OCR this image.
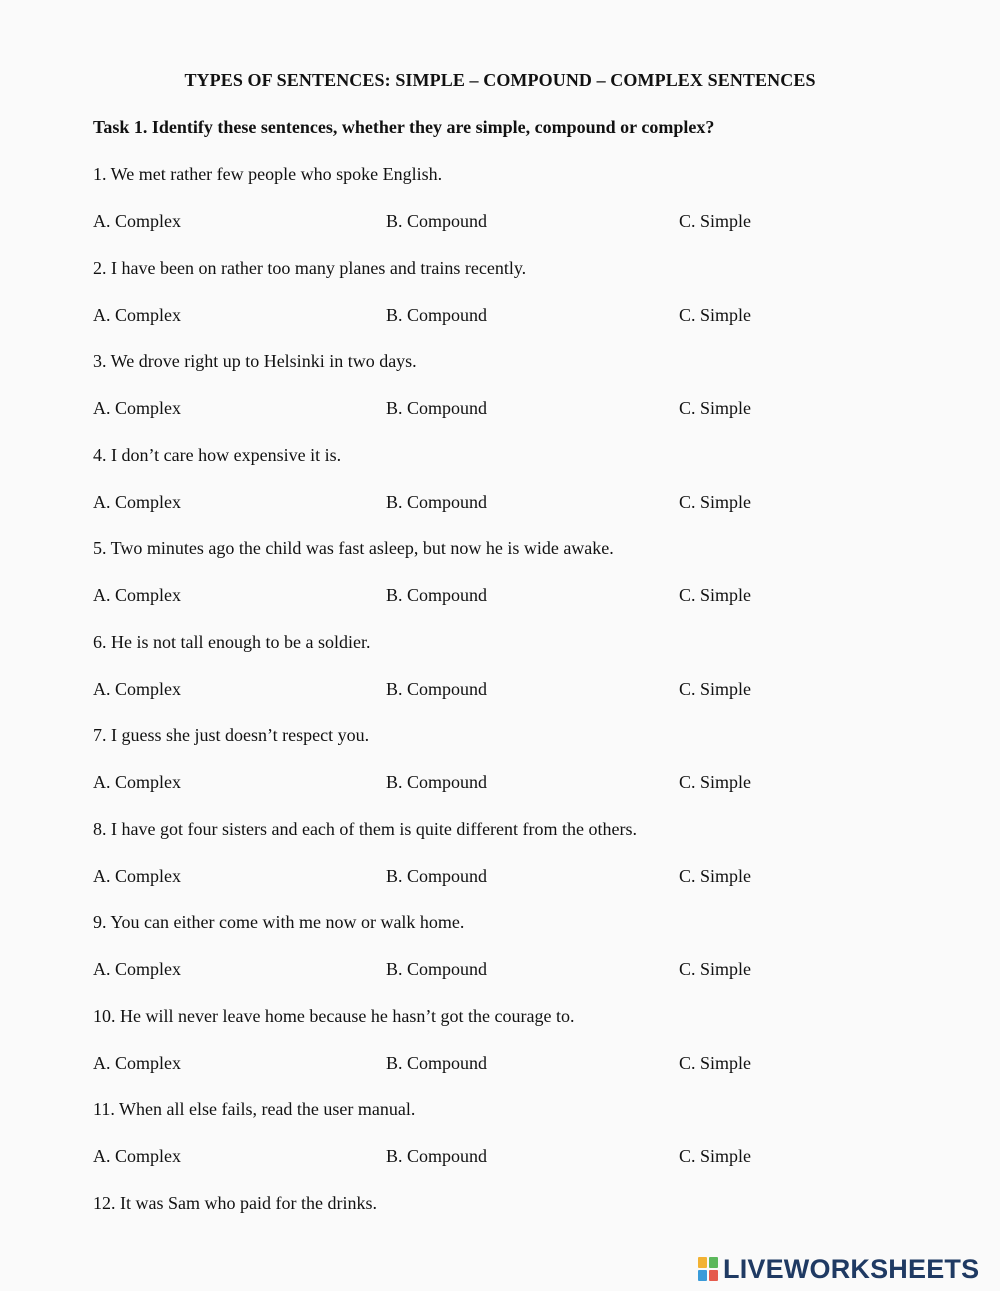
TYPES OF SENTENCES: SIMPLE – COMPOUND – COMPLEX SENTENCES
Task 1. Identify these sentences, whether they are simple, compound or complex?
1. We met rather few people who spoke English.
A. Complex	B. Compound	C. Simple
2. I have been on rather too many planes and trains recently.
A. Complex	B. Compound	C. Simple
3. We drove right up to Helsinki in two days.
A. Complex	B. Compound	C. Simple
4. I don’t care how expensive it is.
A. Complex	B. Compound	C. Simple
5. Two minutes ago the child was fast asleep, but now he is wide awake.
A. Complex	B. Compound	C. Simple
6. He is not tall enough to be a soldier.
A. Complex	B. Compound	C. Simple
7. I guess she just doesn’t respect you.
A. Complex	B. Compound	C. Simple
8. I have got four sisters and each of them is quite different from the others.
A. Complex	B. Compound	C. Simple
9. You can either come with me now or walk home.
A. Complex	B. Compound	C. Simple
10. He will never leave home because he hasn’t got the courage to.
A. Complex	B. Compound	C. Simple
11. When all else fails, read the user manual.
A. Complex	B. Compound	C. Simple
12. It was Sam who paid for the drinks.
LIVEWORKSHEETS
